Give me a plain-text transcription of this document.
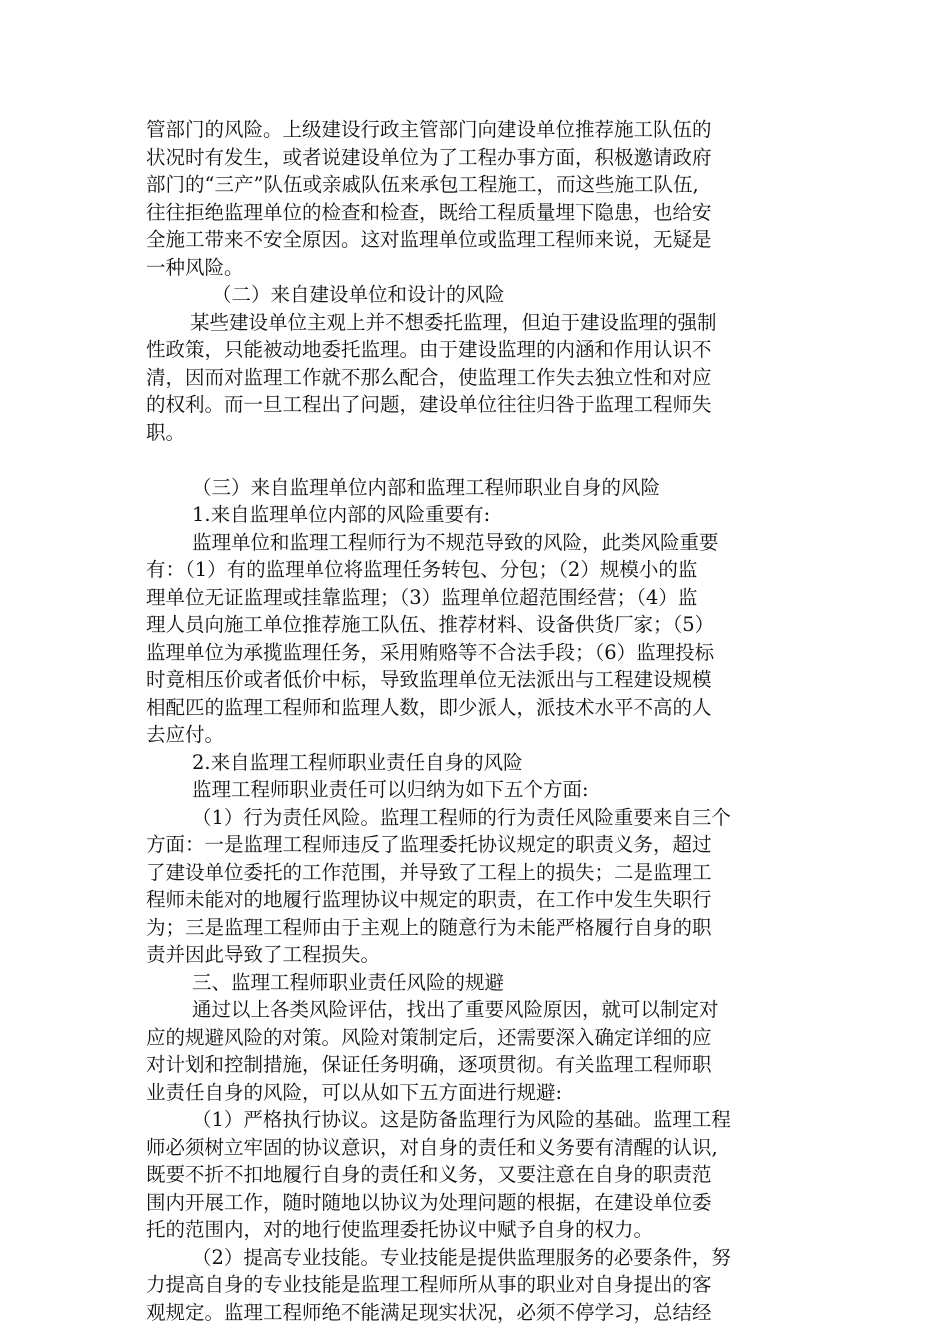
管部门的风险。上级建设行政主管部门向建设单位推荐施工队伍的
状况时有发生，或者说建设单位为了工程办事方面，积极邀请政府
部门的“三产”队伍或亲戚队伍来承包工程施工，而这些施工队伍,
往往拒绝监理单位的检查和检查，既给工程质量埋下隐患，也给安
全施工带来不安全原因。这对监理单位或监理工程师来说，无疑是
一种风险。
（二）来自建设单位和设计的风险
某些建设单位主观上并不想委托监理，但迫于建设监理的强制
性政策，只能被动地委托监理。由于建设监理的内涵和作用认识不
清，因而对监理工作就不那么配合，使监理工作失去独立性和对应
的权利。而一旦工程出了问题，建设单位往往归咎于监理工程师失
职。
（三）来自监理单位内部和监理工程师职业自身的风险
1.来自监理单位内部的风险重要有:
监理单位和监理工程师行为不规范导致的风险，此类风险重要
有：（1）有的监理单位将监理任务转包、分包；（2）规模小的监
理单位无证监理或挂靠监理；（3）监理单位超范围经营；（4）监
理人员向施工单位推荐施工队伍、推荐材料、设备供货厂家；（5）
监理单位为承揽监理任务，采用贿赂等不合法手段；（6）监理投标
时竟相压价或者低价中标，导致监理单位无法派出与工程建设规模
相配匹的监理工程师和监理人数，即少派人，派技术水平不高的人
去应付。
2.来自监理工程师职业责任自身的风险
监理工程师职业责任可以归纳为如下五个方面:
（1）行为责任风险。监理工程师的行为责任风险重要来自三个
方面：一是监理工程师违反了监理委托协议规定的职责义务，超过
了建设单位委托的工作范围，并导致了工程上的损失；二是监理工
程师未能对的地履行监理协议中规定的职责，在工作中发生失职行
为；三是监理工程师由于主观上的随意行为未能严格履行自身的职
责并因此导致了工程损失。
三、监理工程师职业责任风险的规避
通过以上各类风险评估，找出了重要风险原因，就可以制定对
应的规避风险的对策。风险对策制定后，还需要深入确定详细的应
对计划和控制措施，保证任务明确，逐项贯彻。有关监理工程师职
业责任自身的风险，可以从如下五方面进行规避:
（1）严格执行协议。这是防备监理行为风险的基础。监理工程
师必须树立牢固的协议意识，对自身的责任和义务要有清醒的认识,
既要不折不扣地履行自身的责任和义务，又要注意在自身的职责范
围内开展工作，随时随地以协议为处理问题的根据，在建设单位委
托的范围内，对的地行使监理委托协议中赋予自身的权力。
（2）提高专业技能。专业技能是提供监理服务的必要条件，努
力提高自身的专业技能是监理工程师所从事的职业对自身提出的客
观规定。监理工程师绝不能满足现实状况，必须不停学习，总结经
